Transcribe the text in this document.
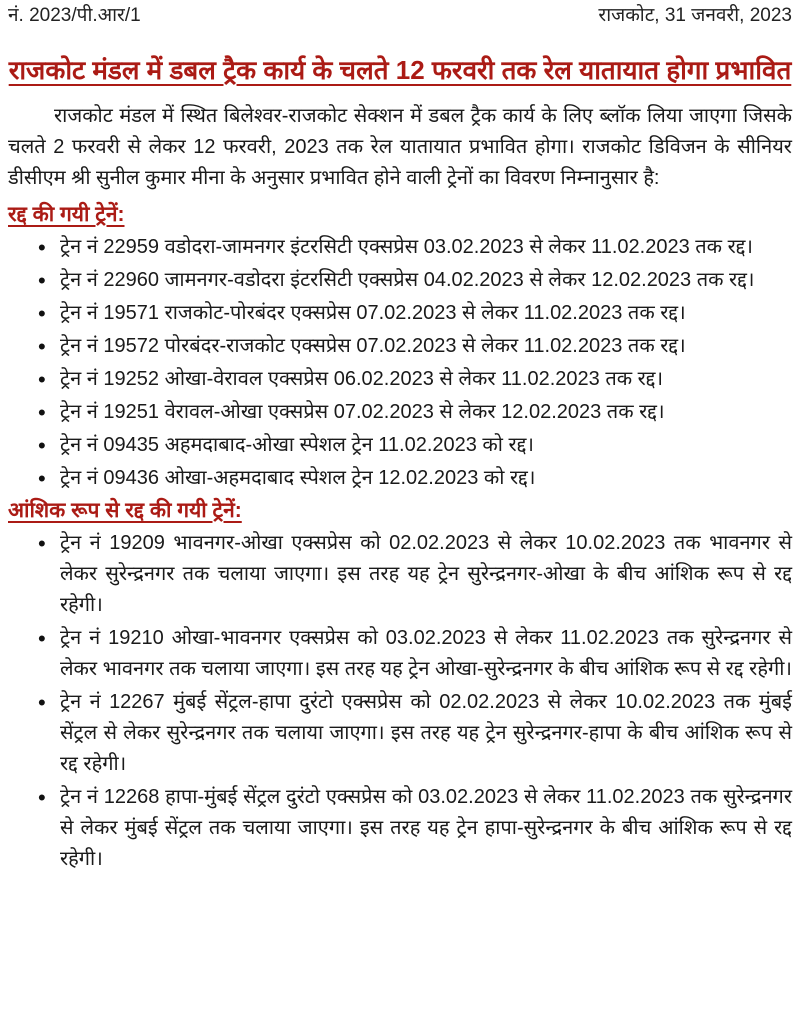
नं. 2023/पी.आर/1	राजकोट, 31 जनवरी, 2023
राजकोट मंडल में डबल ट्रैक कार्य के चलते 12 फरवरी तक रेल यातायात होगा प्रभावित

राजकोट मंडल में स्थित बिलेश्वर-राजकोट सेक्शन में डबल ट्रैक कार्य के लिए ब्लॉक लिया जाएगा जिसके चलते 2 फरवरी से लेकर 12 फरवरी, 2023 तक रेल यातायात प्रभावित होगा। राजकोट डिविजन के सीनियर डीसीएम श्री सुनील कुमार मीना के अनुसार प्रभावित होने वाली ट्रेनों का विवरण निम्नानुसार है:

रद्द की गयी ट्रेनें:
• ट्रेन नं 22959 वडोदरा-जामनगर इंटरसिटी एक्सप्रेस 03.02.2023 से लेकर 11.02.2023 तक रद्द।
• ट्रेन नं 22960 जामनगर-वडोदरा इंटरसिटी एक्सप्रेस 04.02.2023 से लेकर 12.02.2023 तक रद्द।
• ट्रेन नं 19571 राजकोट-पोरबंदर एक्सप्रेस 07.02.2023 से लेकर 11.02.2023 तक रद्द।
• ट्रेन नं 19572 पोरबंदर-राजकोट एक्सप्रेस 07.02.2023 से लेकर 11.02.2023 तक रद्द।
• ट्रेन नं 19252 ओखा-वेरावल एक्सप्रेस 06.02.2023 से लेकर 11.02.2023 तक रद्द।
• ट्रेन नं 19251 वेरावल-ओखा एक्सप्रेस 07.02.2023 से लेकर 12.02.2023 तक रद्द।
• ट्रेन नं 09435 अहमदाबाद-ओखा स्पेशल ट्रेन 11.02.2023 को रद्द।
• ट्रेन नं 09436 ओखा-अहमदाबाद स्पेशल ट्रेन 12.02.2023 को रद्द।
आंशिक रूप से रद्द की गयी ट्रेनें:
• ट्रेन नं 19209 भावनगर-ओखा एक्सप्रेस को 02.02.2023 से लेकर 10.02.2023 तक भावनगर से लेकर सुरेन्द्रनगर तक चलाया जाएगा। इस तरह यह ट्रेन सुरेन्द्रनगर-ओखा के बीच आंशिक रूप से रद्द रहेगी।
• ट्रेन नं 19210 ओखा-भावनगर एक्सप्रेस को 03.02.2023 से लेकर 11.02.2023 तक सुरेन्द्रनगर से लेकर भावनगर तक चलाया जाएगा। इस तरह यह ट्रेन ओखा-सुरेन्द्रनगर के बीच आंशिक रूप से रद्द रहेगी।
• ट्रेन नं 12267 मुंबई सेंट्रल-हापा दुरंटो एक्सप्रेस को 02.02.2023 से लेकर 10.02.2023 तक मुंबई सेंट्रल से लेकर सुरेन्द्रनगर तक चलाया जाएगा। इस तरह यह ट्रेन सुरेन्द्रनगर-हापा के बीच आंशिक रूप से रद्द रहेगी।
• ट्रेन नं 12268 हापा-मुंबई सेंट्रल दुरंटो एक्सप्रेस को 03.02.2023 से लेकर 11.02.2023 तक सुरेन्द्रनगर से लेकर मुंबई सेंट्रल तक चलाया जाएगा। इस तरह यह ट्रेन हापा-सुरेन्द्रनगर के बीच आंशिक रूप से रद्द रहेगी।
